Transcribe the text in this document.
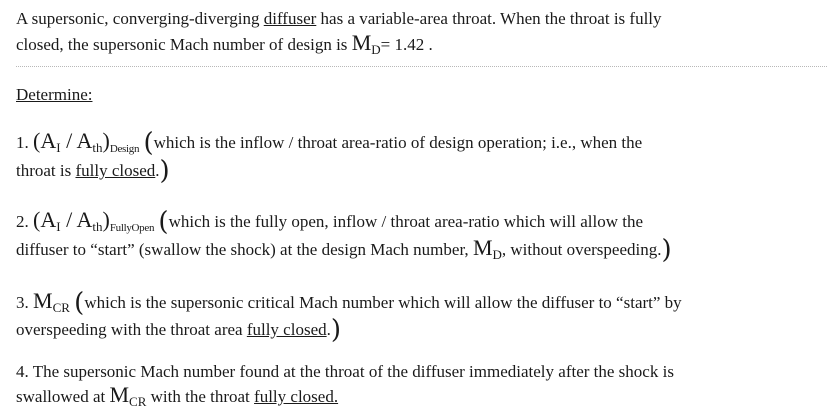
A supersonic, converging-diverging diffuser has a variable-area throat. When the throat is fully
closed, the supersonic Mach number of design is $M_D= 1.42$ .
Determine:
1. $(A_I / A_{th})_{Design}$ (which is the inflow / throat area-ratio of design operation; i.e., when the
throat is fully closed.)
2. $(A_I / A_{th})_{FullyOpen}$ (which is the fully open, inflow / throat area-ratio which will allow the
diffuser to “start” (swallow the shock) at the design Mach number, $M_D$, without overspeeding.)
3. $M_{CR}$ (which is the supersonic critical Mach number which will allow the diffuser to “start” by
overspeeding with the throat area fully closed.)
4. The supersonic Mach number found at the throat of the diffuser immediately after the shock is
swallowed at $M_{CR}$ with the throat fully closed.
